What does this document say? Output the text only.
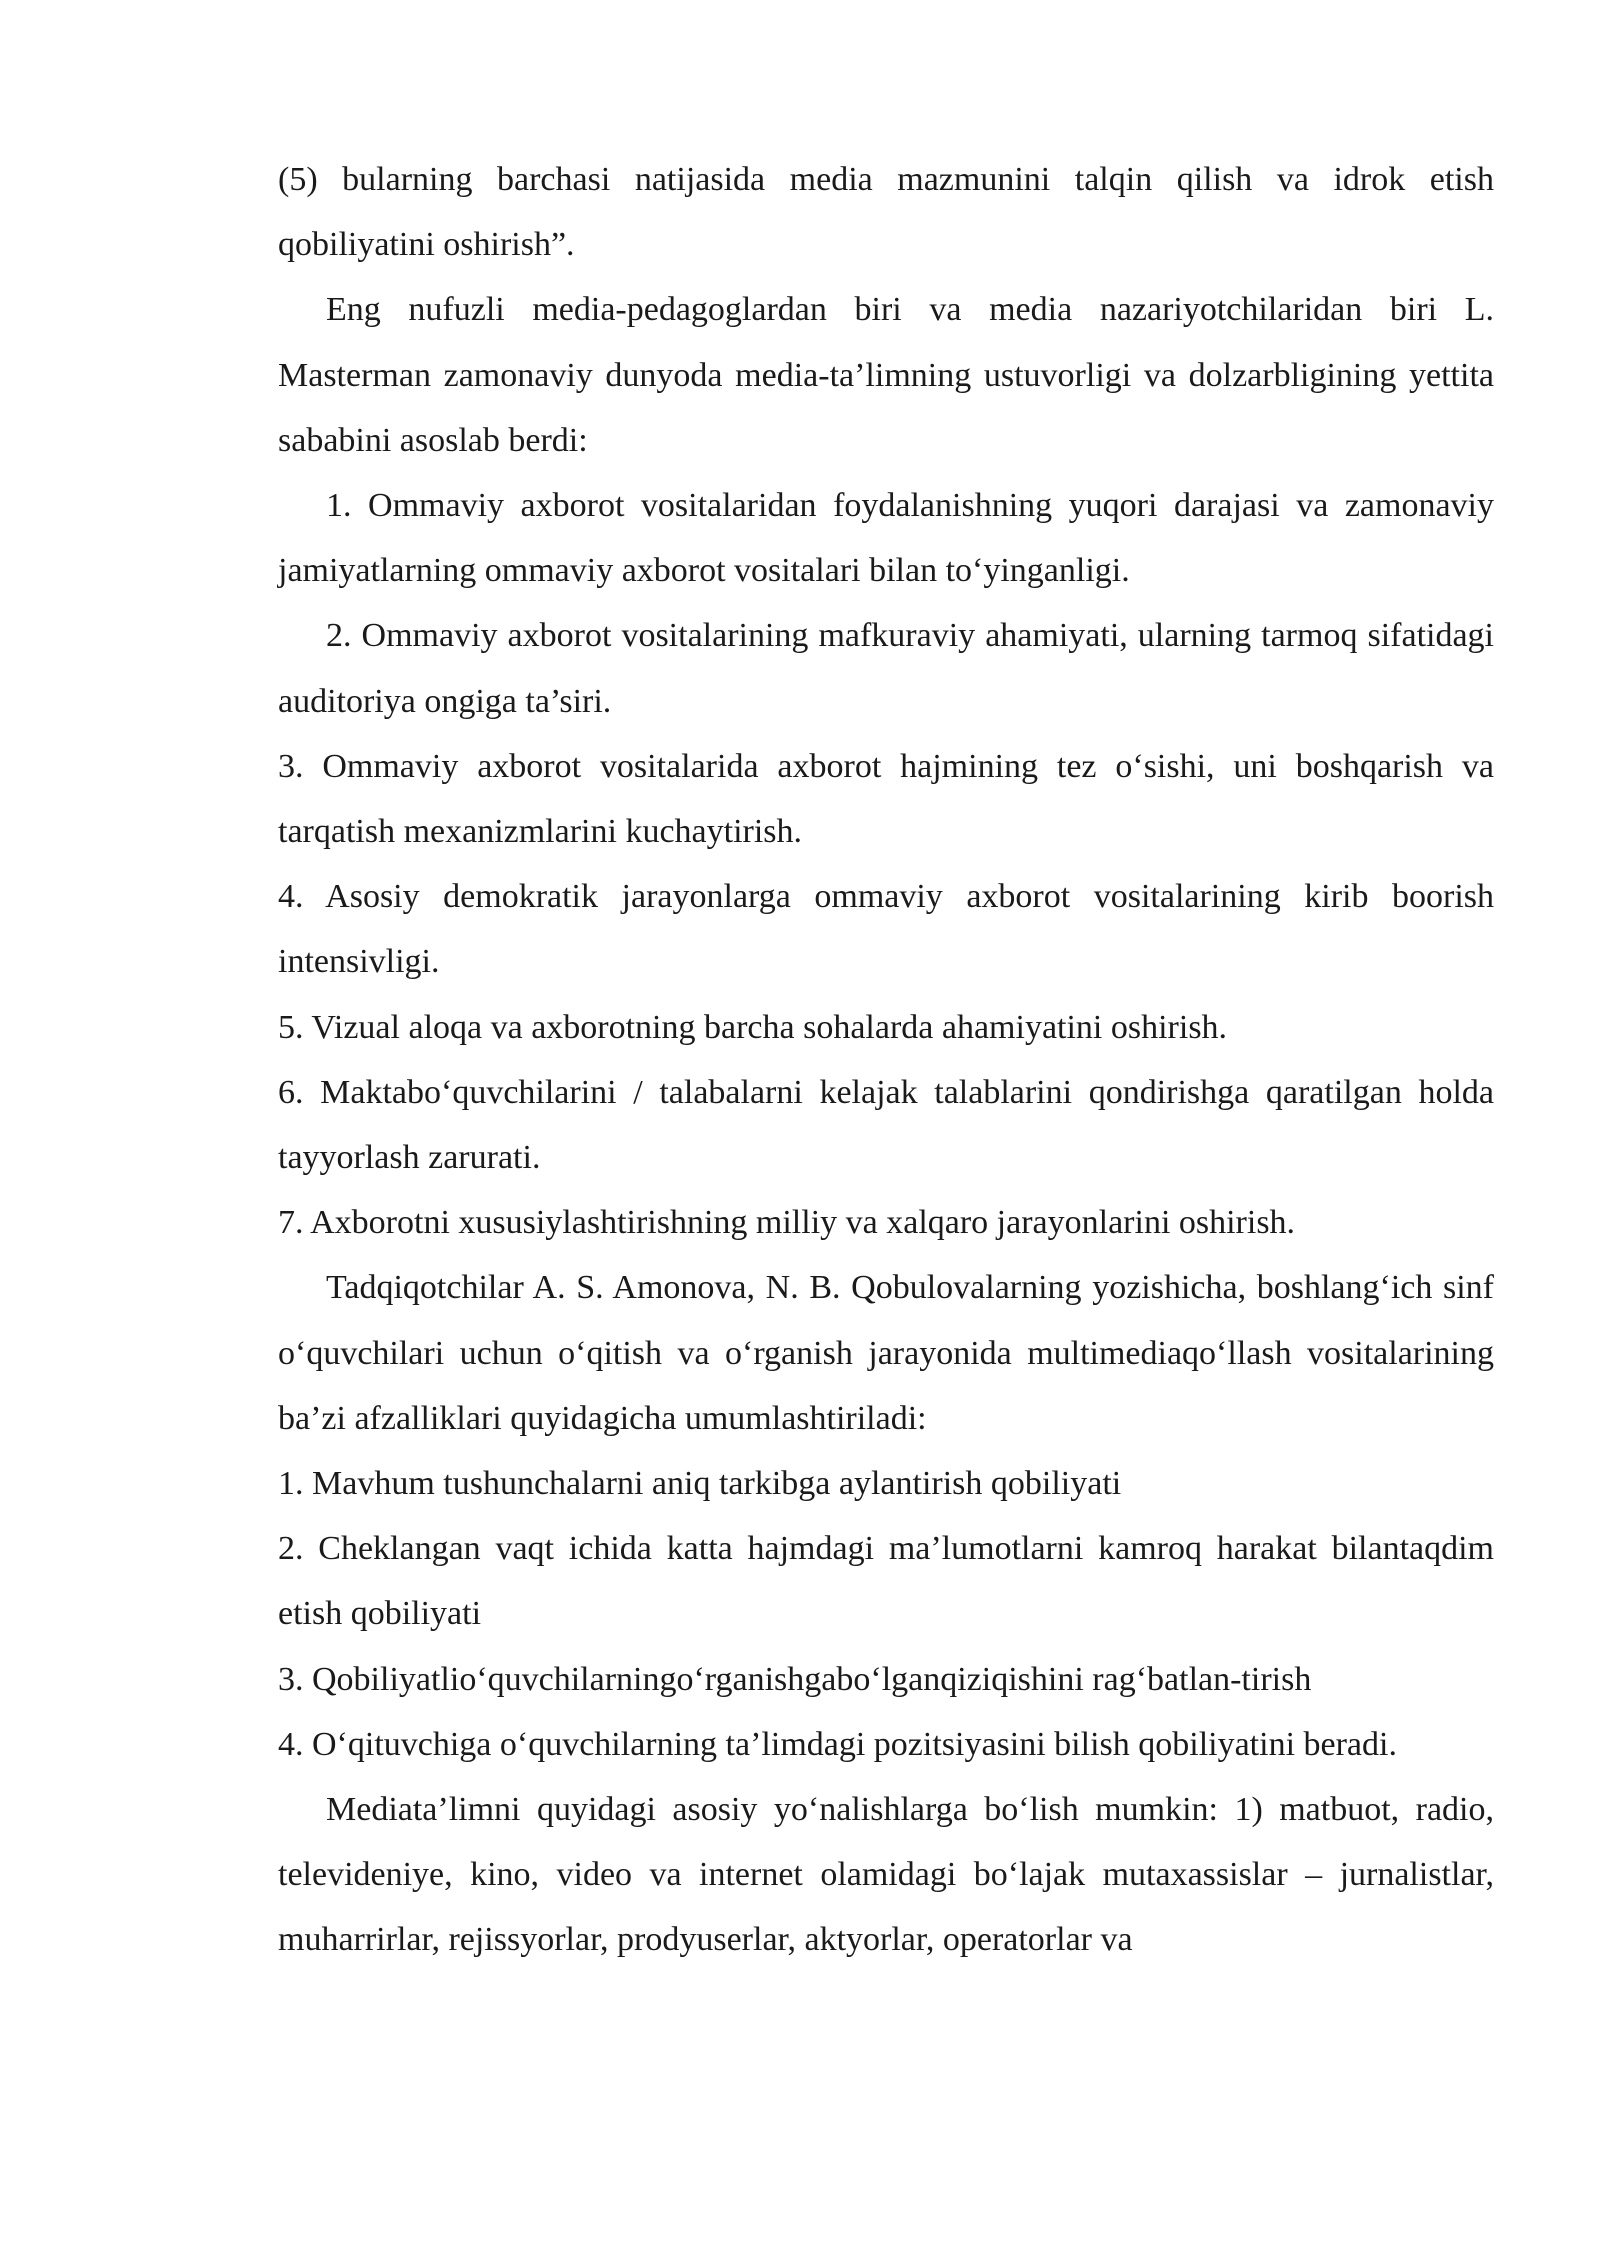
(5) bularning barchasi natijasida media mazmunini talqin qilish va idrok etish qobiliyatini oshirish”.

Eng nufuzli media-pedagoglardan biri va media nazariyotchilaridan biri L. Masterman zamonaviy dunyoda media-ta’limning ustuvorligi va dolzarbligining yettita sababini asoslab berdi:

1. Ommaviy axborot vositalaridan foydalanishning yuqori darajasi va zamonaviy jamiyatlarning ommaviy axborot vositalari bilan to‘yinganligi.

2. Ommaviy axborot vositalarining mafkuraviy ahamiyati, ularning tarmoq sifatidagi auditoriya ongiga ta’siri.

3. Ommaviy axborot vositalarida axborot hajmining tez o‘sishi, uni boshqarish va tarqatish mexanizmlarini kuchaytirish.

4. Asosiy demokratik jarayonlarga ommaviy axborot vositalarining kirib boorish intensivligi.

5. Vizual aloqa va axborotning barcha sohalarda ahamiyatini oshirish.

6. Maktabo‘quvchilarini / talabalarni kelajak talablarini qondirishga qaratilgan holda tayyorlash zarurati.

7. Axborotni xususiylashtirishning milliy va xalqaro jarayonlarini oshirish.

Tadqiqotchilar A. S. Amonova, N. B. Qobulovalarning yozishicha, boshlang‘ich sinf o‘quvchilari uchun o‘qitish va o‘rganish jarayonida multimediaqo‘llash vositalarining ba’zi afzalliklari quyidagicha umumlashtiriladi:

1. Mavhum tushunchalarni aniq tarkibga aylantirish qobiliyati

2. Cheklangan vaqt ichida katta hajmdagi ma’lumotlarni kamroq harakat bilantaqdim etish qobiliyati

3. Qobiliyatlio‘quvchilarningo‘rganishgabo‘lganqiziqishini rag‘batlan-tirish

4. O‘qituvchiga o‘quvchilarning ta’limdagi pozitsiyasini bilish qobiliyatini beradi.

Mediata’limni quyidagi asosiy yo‘nalishlarga bo‘lish mumkin: 1) matbuot, radio, televideniye, kino, video va internet olamidagi bo‘lajak mutaxassislar – jurnalistlar, muharrirlar, rejissyorlar, prodyuserlar, aktyorlar, operatorlar va
